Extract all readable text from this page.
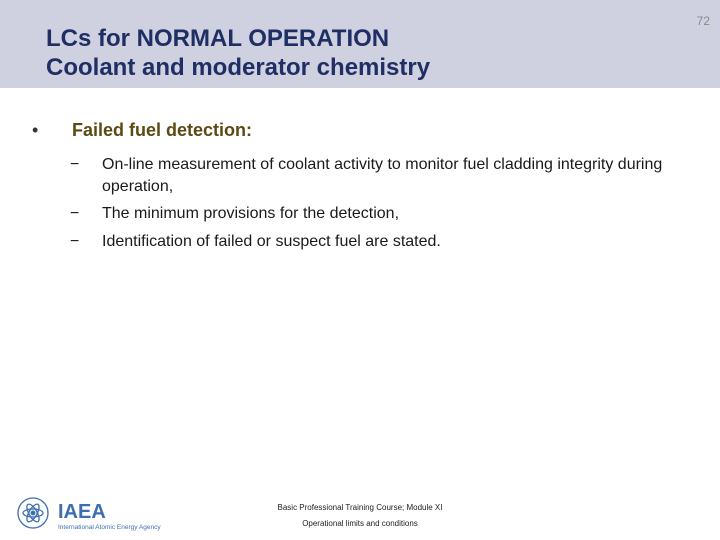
LCs for NORMAL OPERATION
Coolant and moderator chemistry
72
• Failed fuel detection:
− On-line measurement of coolant activity to monitor fuel cladding integrity during operation,
− The minimum provisions for the detection,
− Identification of failed or suspect fuel are stated.
IAEA
International Atomic Energy Agency
Basic Professional Training Course; Module XI
Operational limits and conditions
